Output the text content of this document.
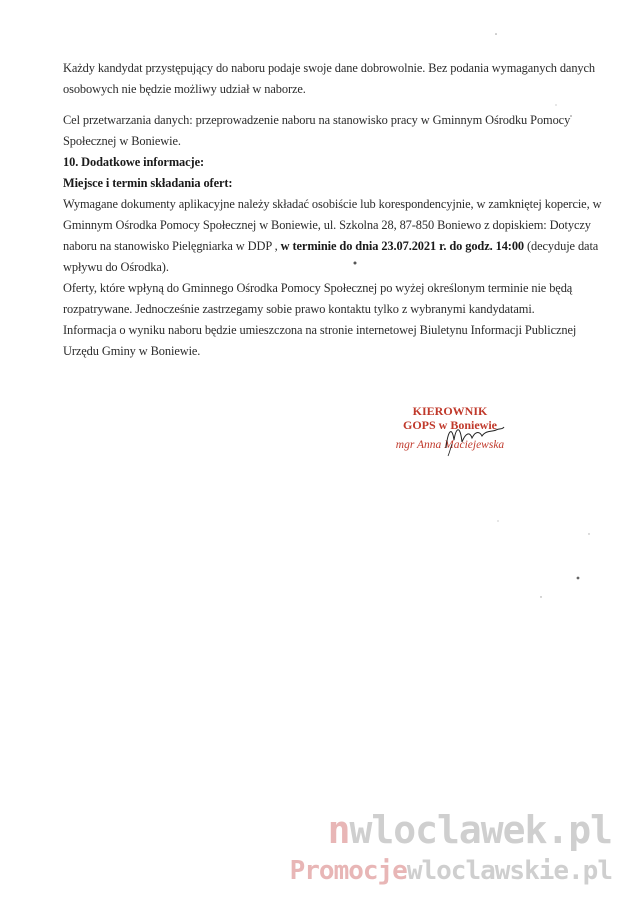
Każdy kandydat przystępujący do naboru podaje swoje dane dobrowolnie. Bez podania wymaganych danych
osobowych nie będzie możliwy udział w naborze.
Cel przetwarzania danych: przeprowadzenie naboru na stanowisko pracy w Gminnym Ośrodku Pomocy
Społecznej w Boniewie.
10. Dodatkowe informacje:
Miejsce i termin składania ofert:
Wymagane dokumenty aplikacyjne należy składać osobiście lub korespondencyjnie, w zamkniętej kopercie, w
Gminnym Ośrodka Pomocy Społecznej w Boniewie, ul. Szkolna 28, 87-850 Boniewo z dopiskiem: Dotyczy
naboru na stanowisko Pielęgniarka w DDP , w terminie do dnia 23.07.2021 r. do godz. 14:00 (decyduje data
wpływu do Ośrodka).
Oferty, które wpłyną do Gminnego Ośrodka Pomocy Społecznej po wyżej określonym terminie nie będą
rozpatrywane. Jednocześnie zastrzegamy sobie prawo kontaktu tylko z wybranymi kandydatami.
Informacja o wyniku naboru będzie umieszczona na stronie internetowej Biuletynu Informacji Publicznej
Urzędu Gminy w Boniewie.
KIEROWNIK
GOPS w Boniewie
mgr Anna Maciejewska
nwloclawek.pl
Promocjewloclawskie.pl
